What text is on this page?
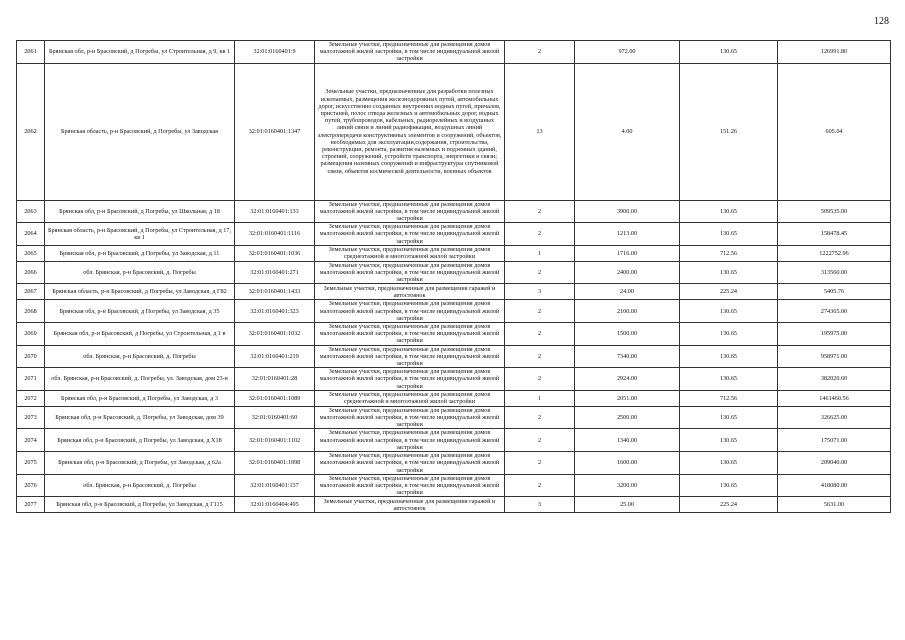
128
2061	Брянская обл, р-н Брасовский, д Погребы, ул Строительная, д 9, кв 1	32:01:0160401:9	Земельные участки, предназначенные для размещения домов малоэтажной жилой застройки, в том числе индивидуальной жилой застройки	2	972.00	130.65	126991.80
2062	Брянская область, р-н Брасовский, д Погребы, ул Заводская	32:01:0160401:1347	Земельные участки, предназначенные для разработки полезных ископаемых, размещения железнодорожных путей, автомобильных дорог, искусственно созданных внутренних водных путей, причалов, пристаней, полос отвода железных и автомобильных дорог, водных путей, трубопроводов, кабельных, радиорелейных и воздушных линий связи и линий радиофикации, воздушных линий электропередачи конструктивных элементов и сооружений, объектов, необходимых для эксплуатации,содержания, строительства, реконструкции, ремонта, развития наземных и подземных зданий, строений, сооружений, устройств транспорта, энергетики и связи; размещения наземных сооружений и инфраструктуры спутниковой связи, объектов космической деятельности, военных объектов	13	4.00	151.26	605.04
2063	Брянская обл, р-н Брасовский, д Погребы, ул Школьная, д 18	32:01:0160401:133	Земельные участки, предназначенные для размещения домов малоэтажной жилой застройки, в том числе индивидуальной жилой застройки	2	3900.00	130.65	509535.00
2064	Брянская область, р-н Брасовский, д Погребы, ул Строительная, д 17, кв 1	32:01:0160401:1116	Земельные участки, предназначенные для размещения домов малоэтажной жилой застройки, в том числе индивидуальной жилой застройки	2	1213.00	130.65	158478.45
2065	Брянская обл, р-н Брасовский, д Погребы, ул Заводская, д 11	32:01:0160401:1036	Земельные участки, предназначенные для размещения домов среднеэтажной и многоэтажной жилой застройки	1	1716.00	712.56	1222752.96
2066	обл. Брянская, р-н Брасовский, д. Погребы	32:01:0160401:271	Земельные участки, предназначенные для размещения домов малоэтажной жилой застройки, в том числе индивидуальной жилой застройки	2	2400.00	130.65	313560.00
2067	Брянская область, р-н Брасовский, д Погребы, ул Заводская, д Г82	32:01:0160401:1433	Земельные участки, предназначенные для размещения гаражей и автостоянок	3	24.00	225.24	5405.76
2068	Брянская обл, р-н Брасовский, д Погребы, ул Заводская, д 35	32:01:0160401:323	Земельные участки, предназначенные для размещения домов малоэтажной жилой застройки, в том числе индивидуальной жилой застройки	2	2100.00	130.65	274365.00
2069	Брянская обл, р-н Брасовский, д Погребы, ул Строительная, д 1 в	32:01:0160401:1032	Земельные участки, предназначенные для размещения домов малоэтажной жилой застройки, в том числе индивидуальной жилой застройки	2	1500.00	130.65	195975.00
2070	обл. Брянская, р-н Брасовский, д. Погребы	32:01:0160401:219	Земельные участки, предназначенные для размещения домов малоэтажной жилой застройки, в том числе индивидуальной жилой застройки	2	7340.00	130.65	958971.00
2071	обл. Брянская, р-н Брасовский, д. Погребы, ул. Заводская, дом 23-в	32:01:0160401:28	Земельные участки, предназначенные для размещения домов малоэтажной жилой застройки, в том числе индивидуальной жилой застройки	2	2924.00	130.65	382020.60
2072	Брянская обл, р-н Брасовский, д Погребы, ул Заводская, д 3	32:01:0160401:1089	Земельные участки, предназначенные для размещения домов среднеэтажной и многоэтажной жилой застройки	1	2051.00	712.56	1461460.56
2073	Брянская обл, р-н Брасовский, д. Погребы, ул Заводская, дом 39	32:01:0160401:60	Земельные участки, предназначенные для размещения домов малоэтажной жилой застройки, в том числе индивидуальной жилой застройки	2	2500.00	130.65	326625.00
2074	Брянская обл, р-н Брасовский, д Погребы, ул Заводская, д Х18	32:01:0160401:1102	Земельные участки, предназначенные для размещения домов малоэтажной жилой застройки, в том числе индивидуальной жилой застройки	2	1340.00	130.65	175071.00
2075	Брянская обл, р-н Брасовский, д Погребы, ул Заводская, д 62а	32:01:0160401:1098	Земельные участки, предназначенные для размещения домов малоэтажной жилой застройки, в том числе индивидуальной жилой застройки	2	1600.00	130.65	209040.00
2076	обл. Брянская, р-н Брасовский, д. Погребы	32:01:0160401:137	Земельные участки, предназначенные для размещения домов малоэтажной жилой застройки, в том числе индивидуальной жилой застройки	2	3200.00	130.65	418080.00
2077	Брянская обл, р-н Брасовский, д Погребы, ул Заводская, д Г115	32:01:0160404:495	Земельные участки, предназначенные для размещения гаражей и автостоянок	3	25.00	225.24	5631.00
